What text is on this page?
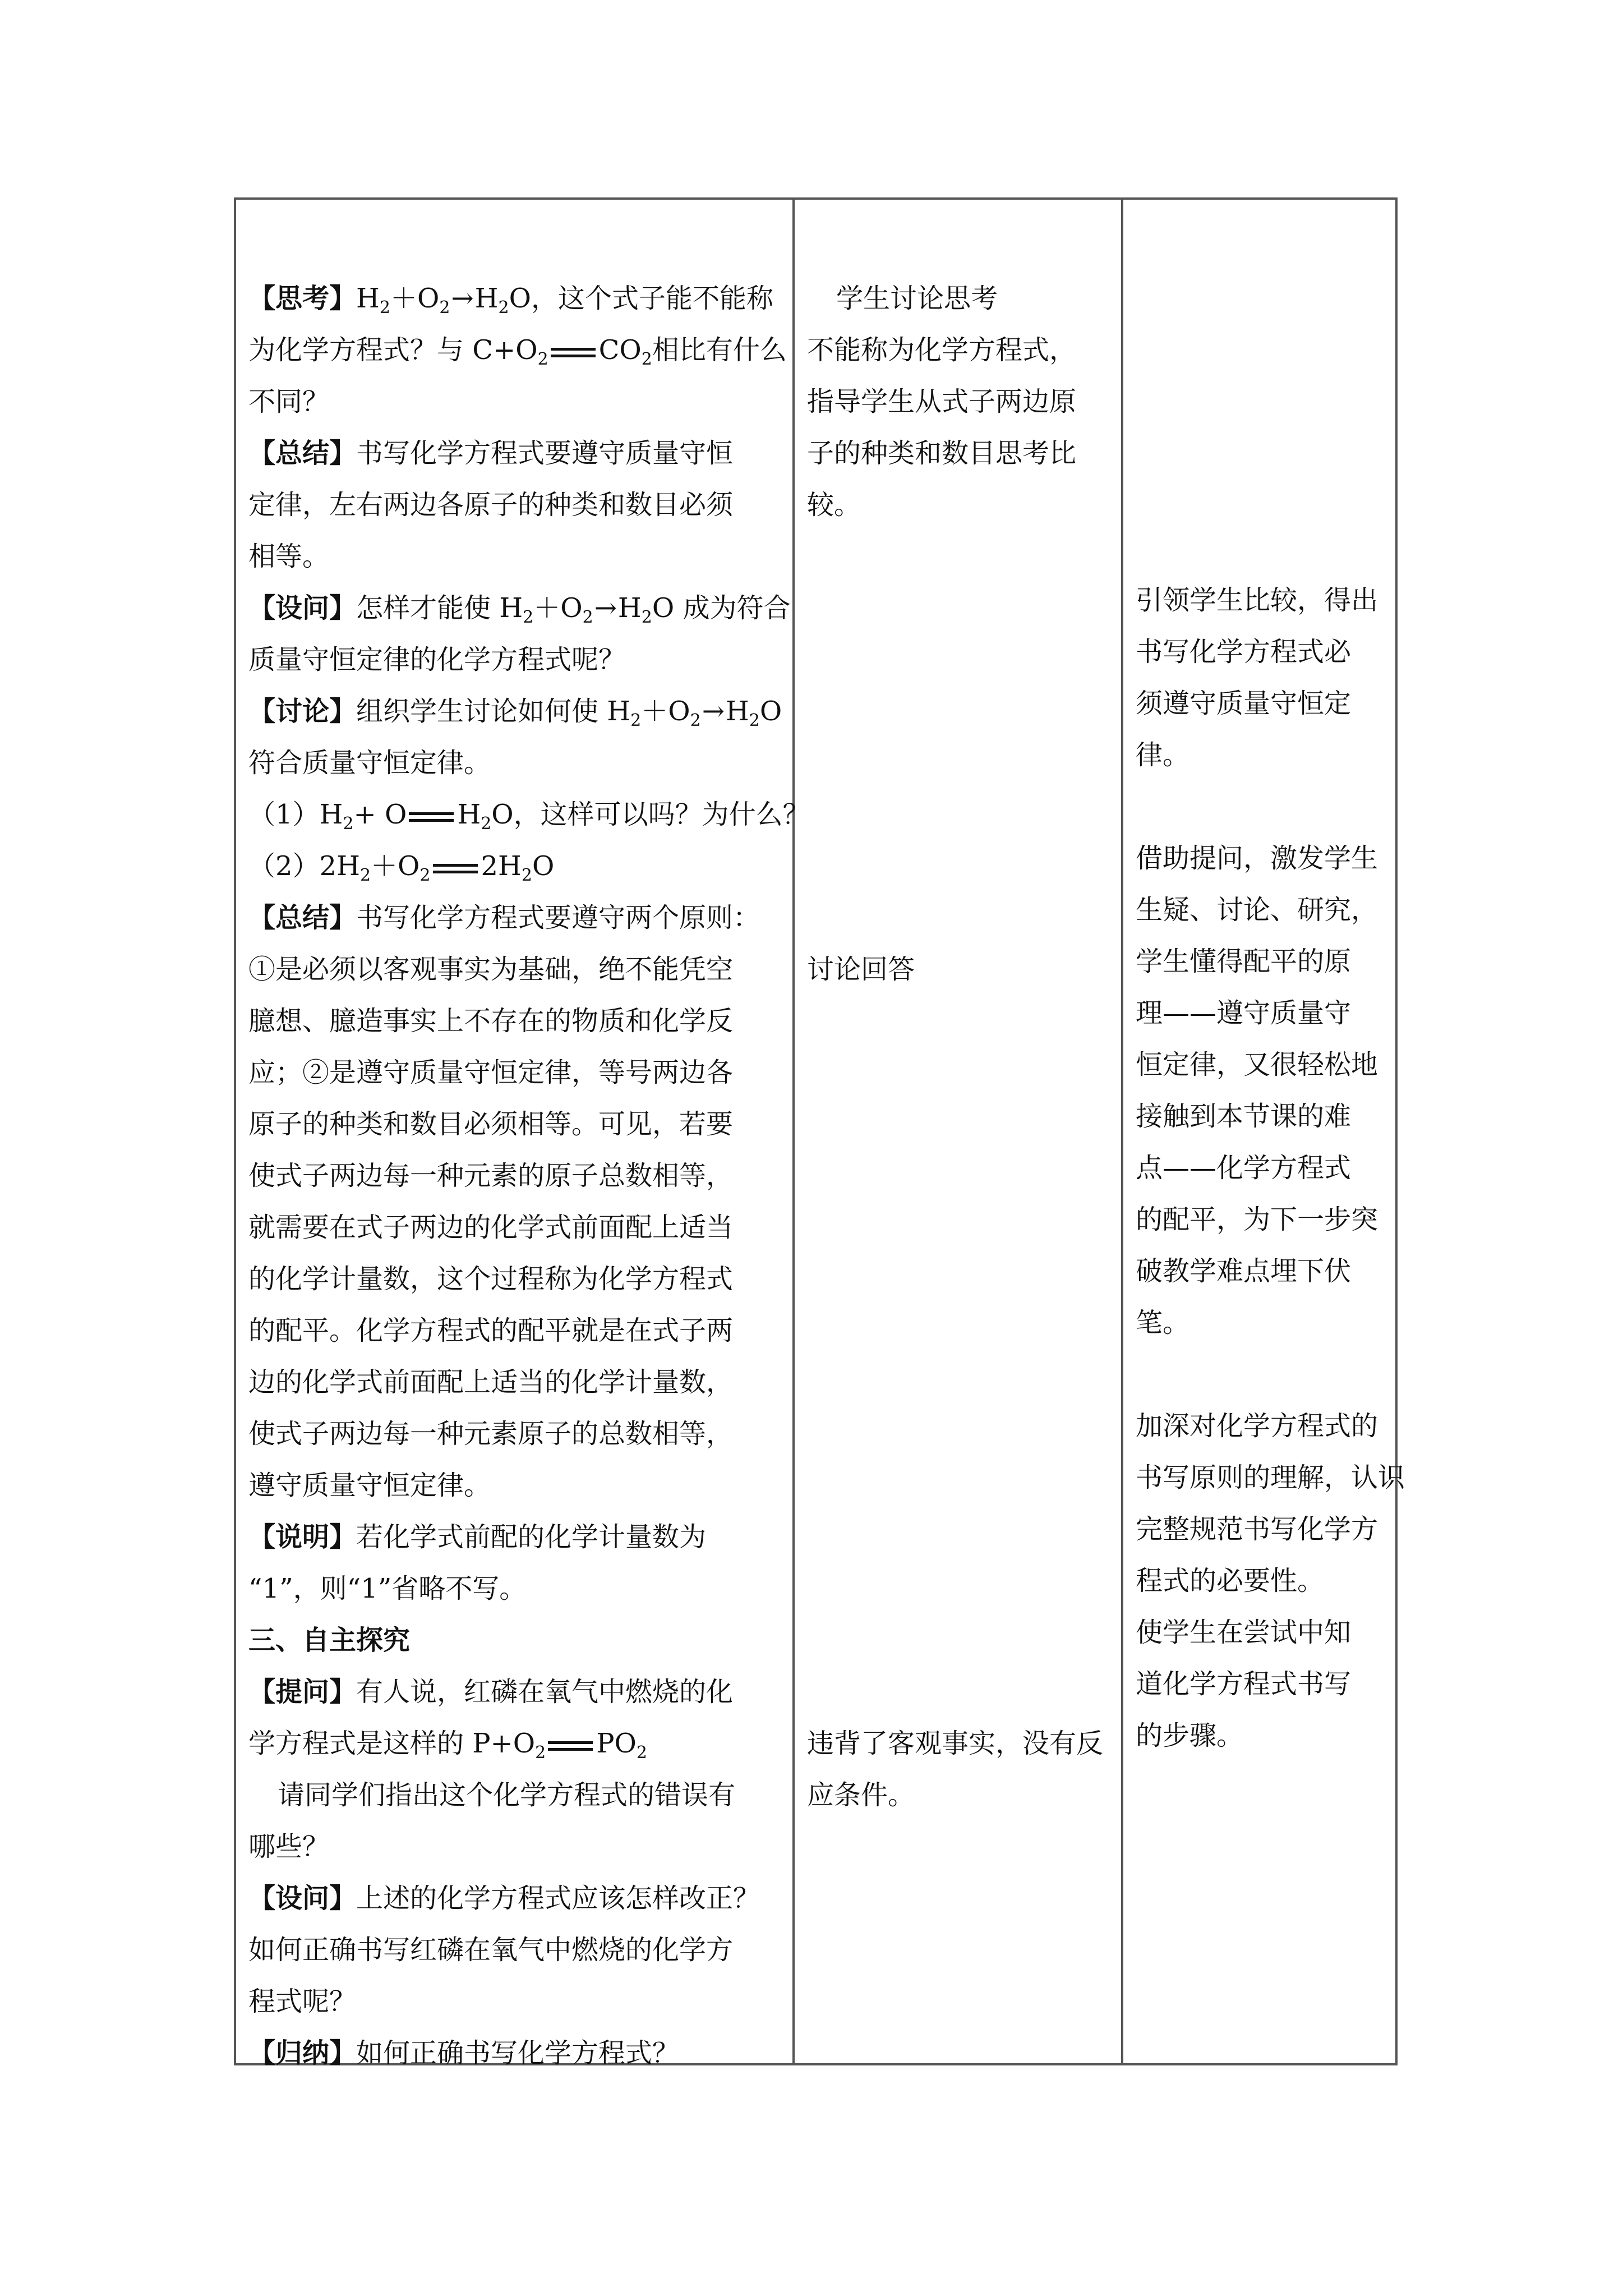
【思考】$H_2+O_2\to H_2O$，这个式子能不能称
为化学方程式？与 $C+O_2$ $CO_2$相比有什么
不同？
【总结】书写化学方程式要遵守质量守恒
定律，左右两边各原子的种类和数目必须
相等。
【设问】怎样才能使 $H_2+O_2\to H_2O$ 成为符合
质量守恒定律的化学方程式呢？
【讨论】组织学生讨论如何使 $H_2+O_2\to H_2O$
符合质量守恒定律。
$(1)H_2+ O$ $H_2O$，这样可以吗？为什么？
$(2)2H_2+O_2$ $2H_2O$
【总结】书写化学方程式要遵守两个原则：
①是必须以客观事实为基础，绝不能凭空
臆想、臆造事实上不存在的物质和化学反
应；②是遵守质量守恒定律，等号两边各
原子的种类和数目必须相等。可见，若要
使式子两边每一种元素的原子总数相等，
就需要在式子两边的化学式前面配上适当
的化学计量数，这个过程称为化学方程式
的配平。化学方程式的配平就是在式子两
边的化学式前面配上适当的化学计量数，
使式子两边每一种元素原子的总数相等，
遵守质量守恒定律。
【说明】若化学式前配的化学计量数为
“1”，则“1”省略不写。
三、自主探究
【提问】有人说，红磷在氧气中燃烧的化
学方程式是这样的 $P+O_2$ $PO_2$
请同学们指出这个化学方程式的错误有
哪些？
【设问】上述的化学方程式应该怎样改正？
如何正确书写红磷在氧气中燃烧的化学方
程式呢？
【归纳】如何正确书写化学方程式？
学生讨论思考
不能称为化学方程式，
指导学生从式子两边原
子的种类和数目思考比
较。
讨论回答
违背了客观事实，没有反
应条件。
引领学生比较，得出
书写化学方程式必
须遵守质量守恒定
律。
借助提问，激发学生
生疑、讨论、研究，
学生懂得配平的原
理——遵守质量守
恒定律，又很轻松地
接触到本节课的难
点——化学方程式
的配平，为下一步突
破教学难点埋下伏
笔。
加深对化学方程式的
书写原则的理解，认识
完整规范书写化学方
程式的必要性。
使学生在尝试中知
道化学方程式书写
的步骤。
